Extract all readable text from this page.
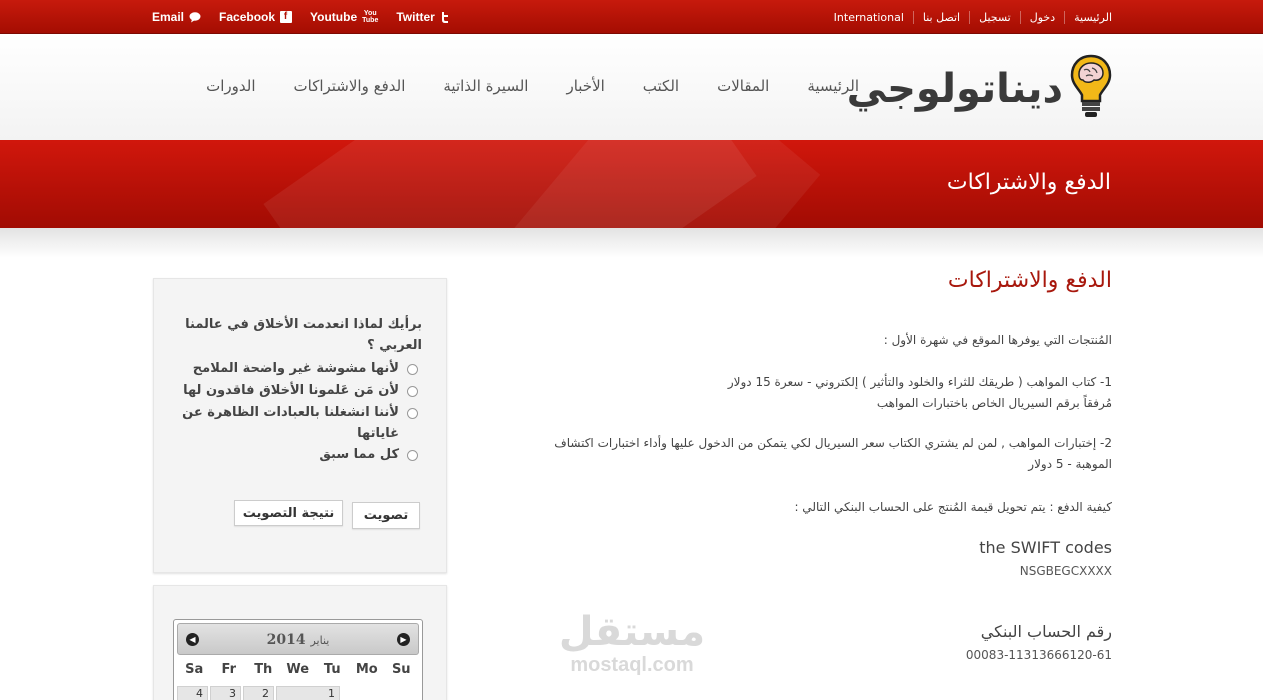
Email	Facebook f	Youtube You
Tube Twitter	الرئيسية
دخول
تسجيل
اتصل بنا
International
ديناتولوجي
الرئيسية
المقالات
الكتب
الأخبار
السيرة الذاتية
الدفع والاشتراكات
الدورات
الدفع والاشتراكات
الدفع والاشتراكات

المُنتجات التي يوفرها الموقع في شهرة الأول :

1- كتاب المواهب ( طريقك للثراء والخلود والتأثير ) إلكتروني - سعرة 15 دولار

مُرفقاً برقم السيريال الخاص باختبارات المواهب

2- إختبارات المواهب , لمن لم يشتري الكتاب سعر السيريال لكي يتمكن من الدخول عليها وأداء اختبارات اكتشاف

الموهبة - 5 دولار

كيفية الدفع : يتم تحويل قيمة المُنتج على الحساب البنكي التالي :

the SWIFT codes
NSGBEGCXXXX
رقم الحساب البنكي
00083-11313666120-61
برأيك لماذا انعدمت الأخلاق في عالمنا العربي ؟
لأنها مشوشة غير واضحة الملامح
لأن مَن عَلمونا الأخلاق فاقدون لها
لأننا انشغلنا بالعبادات الظاهرة عن غاياتها
كل مما سبق
تصويت
نتيجة التصويت
◀	2014 يناير	▶
Sa	Fr	Th	We	Tu	Mo	Su
4	3	2	1
مستقل
mostaql.com
